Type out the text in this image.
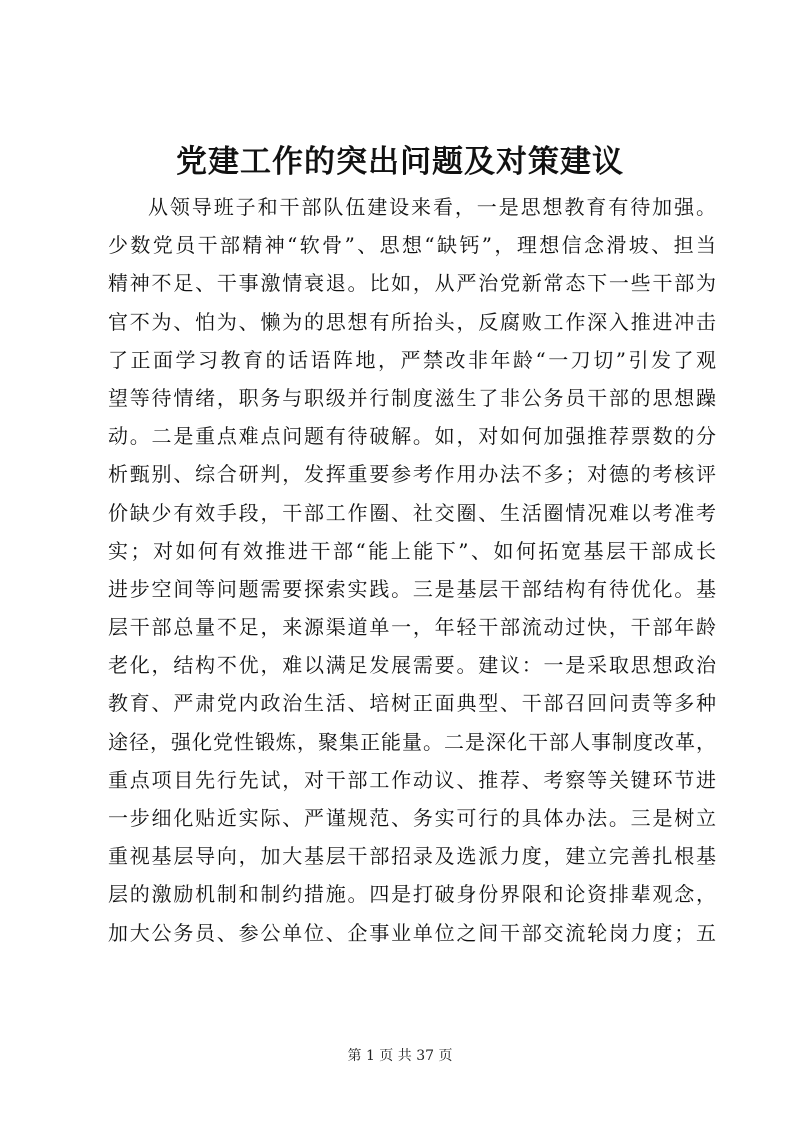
党建工作的突出问题及对策建议
从领导班子和干部队伍建设来看，一是思想教育有待加强。
少数党员干部精神“软骨”、思想“缺钙”，理想信念滑坡、担当
精神不足、干事激情衰退。比如，从严治党新常态下一些干部为
官不为、怕为、懒为的思想有所抬头，反腐败工作深入推进冲击
了正面学习教育的话语阵地，严禁改非年龄“一刀切”引发了观
望等待情绪，职务与职级并行制度滋生了非公务员干部的思想躁
动。二是重点难点问题有待破解。如，对如何加强推荐票数的分
析甄别、综合研判，发挥重要参考作用办法不多；对德的考核评
价缺少有效手段，干部工作圈、社交圈、生活圈情况难以考准考
实；对如何有效推进干部“能上能下”、如何拓宽基层干部成长
进步空间等问题需要探索实践。三是基层干部结构有待优化。基
层干部总量不足，来源渠道单一，年轻干部流动过快，干部年龄
老化，结构不优，难以满足发展需要。建议：一是采取思想政治
教育、严肃党内政治生活、培树正面典型、干部召回问责等多种
途径，强化党性锻炼，聚集正能量。二是深化干部人事制度改革，
重点项目先行先试，对干部工作动议、推荐、考察等关键环节进
一步细化贴近实际、严谨规范、务实可行的具体办法。三是树立
重视基层导向，加大基层干部招录及选派力度，建立完善扎根基
层的激励机制和制约措施。四是打破身份界限和论资排辈观念，
加大公务员、参公单位、企事业单位之间干部交流轮岗力度；五
第 1 页 共 37 页
